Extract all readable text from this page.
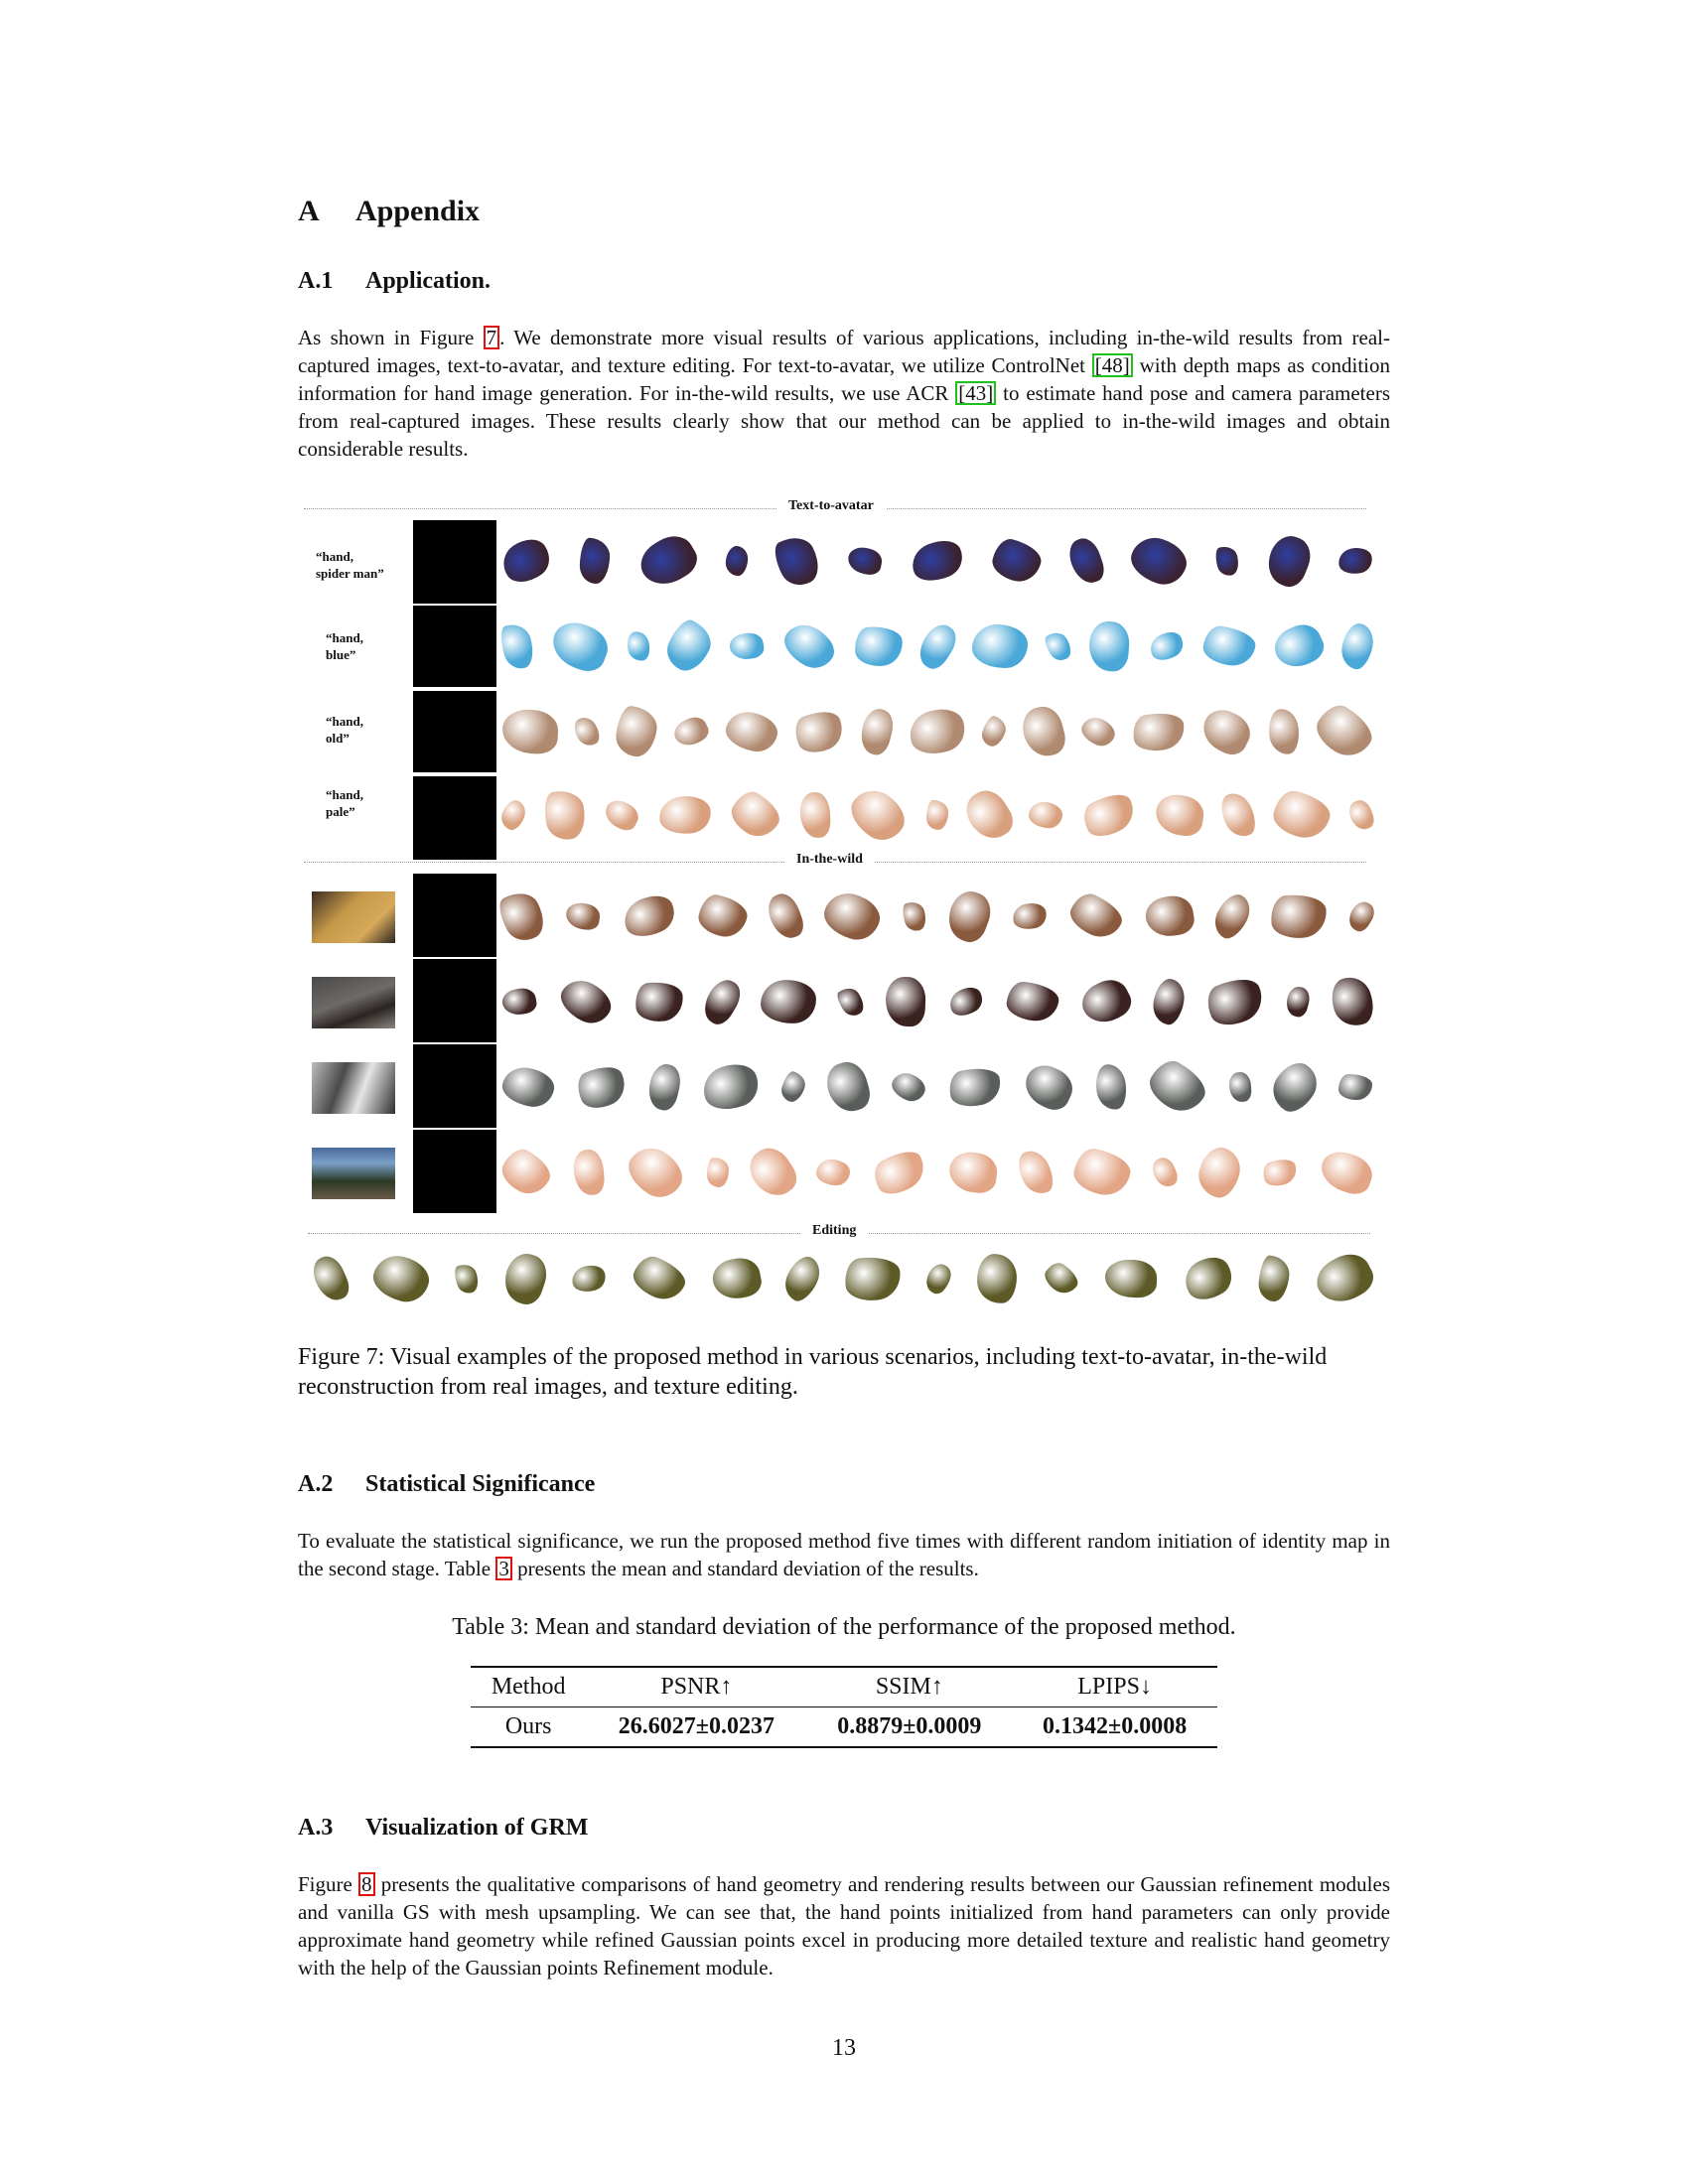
A Appendix
A.1 Application.

As shown in Figure 7 . We demonstrate more visual results of various applications, including in-the-wild results from real-captured images, text-to-avatar, and texture editing. For text-to-avatar, we utilize ControlNet [48] with depth maps as condition information for hand image generation. For in-the-wild results, we use ACR [43] to estimate hand pose and camera parameters from real-captured images. These results clearly show that our method can be applied to in-the-wild images and obtain considerable results.

Text-to-avatar
“hand,
spider man”
“hand,
blue”
“hand,
old”
“hand,
pale”
In-the-wild
Editing

Figure 7: Visual examples of the proposed method in various scenarios, including text-to-avatar, in-the-wild reconstruction from real images, and texture editing.

A.2 Statistical Significance

To evaluate the statistical significance, we run the proposed method five times with different random initiation of identity map in the second stage. Table 3 presents the mean and standard deviation of the results.

Table 3: Mean and standard deviation of the performance of the proposed method.
Method	PSNR↑	SSIM↑	LPIPS↓
Ours	26.6027±0.0237	0.8879±0.0009	0.1342±0.0008
A.3 Visualization of GRM

Figure 8 presents the qualitative comparisons of hand geometry and rendering results between our Gaussian refinement modules and vanilla GS with mesh upsampling. We can see that, the hand points initialized from hand parameters can only provide approximate hand geometry while refined Gaussian points excel in producing more detailed texture and realistic hand geometry with the help of the Gaussian points Refinement module.

13
